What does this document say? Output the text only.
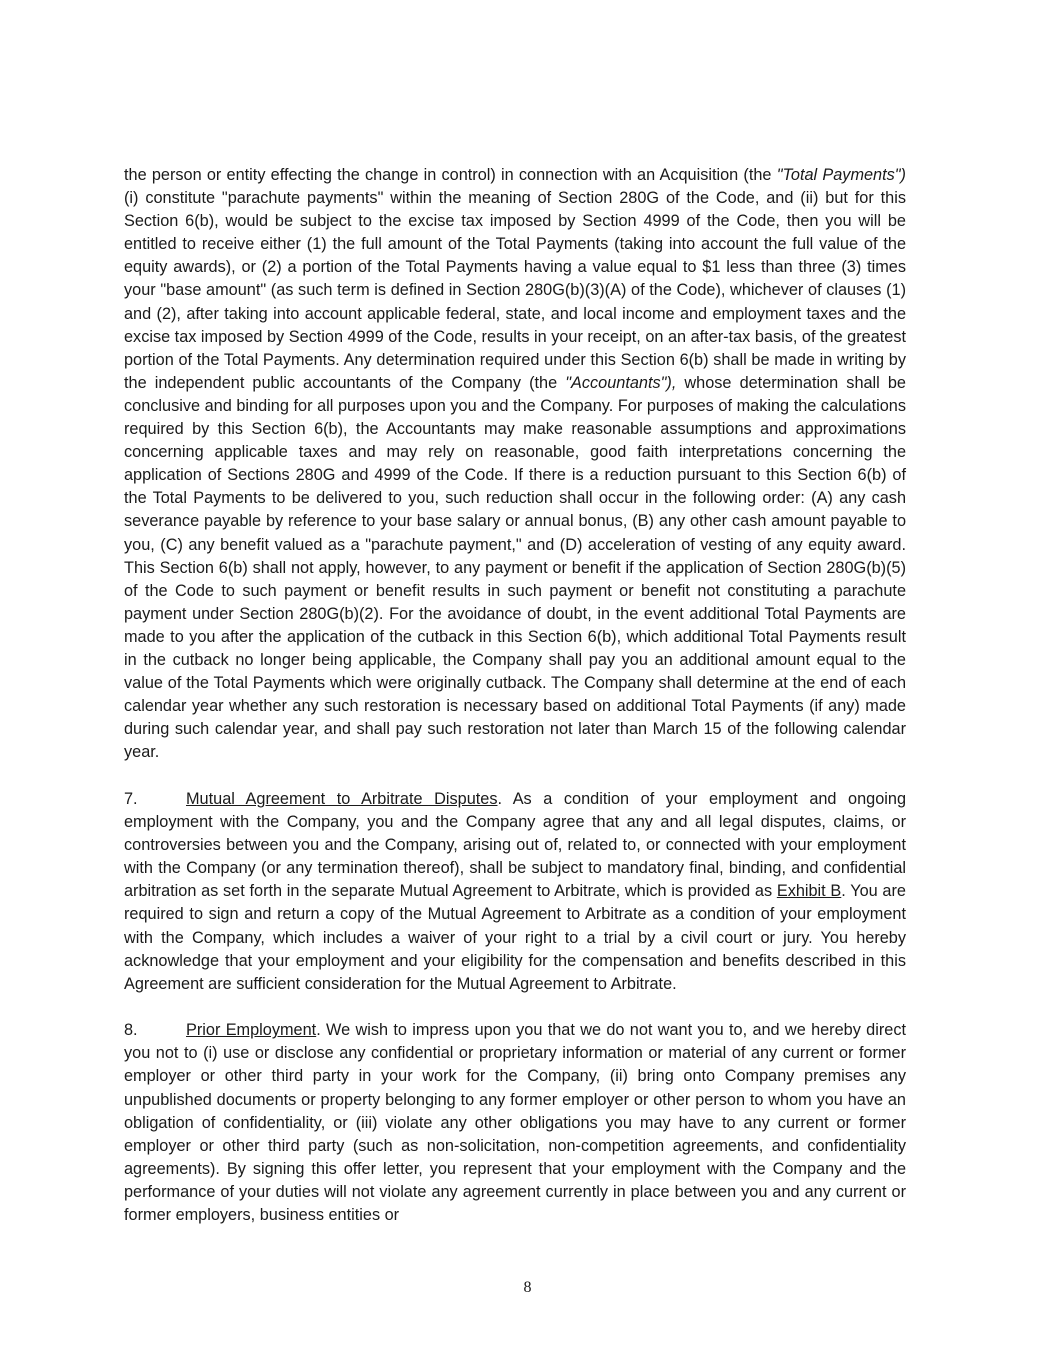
the person or entity effecting the change in control) in connection with an Acquisition (the "Total Payments") (i) constitute "parachute payments" within the meaning of Section 280G of the Code, and (ii) but for this Section 6(b), would be subject to the excise tax imposed by Section 4999 of the Code, then you will be entitled to receive either (1) the full amount of the Total Payments (taking into account the full value of the equity awards), or (2) a portion of the Total Payments having a value equal to $1 less than three (3) times your "base amount" (as such term is defined in Section 280G(b)(3)(A) of the Code), whichever of clauses (1) and (2), after taking into account applicable federal, state, and local income and employment taxes and the excise tax imposed by Section 4999 of the Code, results in your receipt, on an after-tax basis, of the greatest portion of the Total Payments. Any determination required under this Section 6(b) shall be made in writing by the independent public accountants of the Company (the "Accountants"), whose determination shall be conclusive and binding for all purposes upon you and the Company. For purposes of making the calculations required by this Section 6(b), the Accountants may make reasonable assumptions and approximations concerning applicable taxes and may rely on reasonable, good faith interpretations concerning the application of Sections 280G and 4999 of the Code. If there is a reduction pursuant to this Section 6(b) of the Total Payments to be delivered to you, such reduction shall occur in the following order: (A) any cash severance payable by reference to your base salary or annual bonus, (B) any other cash amount payable to you, (C) any benefit valued as a "parachute payment," and (D) acceleration of vesting of any equity award. This Section 6(b) shall not apply, however, to any payment or benefit if the application of Section 280G(b)(5) of the Code to such payment or benefit results in such payment or benefit not constituting a parachute payment under Section 280G(b)(2). For the avoidance of doubt, in the event additional Total Payments are made to you after the application of the cutback in this Section 6(b), which additional Total Payments result in the cutback no longer being applicable, the Company shall pay you an additional amount equal to the value of the Total Payments which were originally cutback. The Company shall determine at the end of each calendar year whether any such restoration is necessary based on additional Total Payments (if any) made during such calendar year, and shall pay such restoration not later than March 15 of the following calendar year.

7.	Mutual Agreement to Arbitrate Disputes. As a condition of your employment and ongoing employment with the Company, you and the Company agree that any and all legal disputes, claims, or controversies between you and the Company, arising out of, related to, or connected with your employment with the Company (or any termination thereof), shall be subject to mandatory final, binding, and confidential arbitration as set forth in the separate Mutual Agreement to Arbitrate, which is provided as Exhibit B. You are required to sign and return a copy of the Mutual Agreement to Arbitrate as a condition of your employment with the Company, which includes a waiver of your right to a trial by a civil court or jury. You hereby acknowledge that your employment and your eligibility for the compensation and benefits described in this Agreement are sufficient consideration for the Mutual Agreement to Arbitrate.

8.	Prior Employment. We wish to impress upon you that we do not want you to, and we hereby direct you not to (i) use or disclose any confidential or proprietary information or material of any current or former employer or other third party in your work for the Company, (ii) bring onto Company premises any unpublished documents or property belonging to any former employer or other person to whom you have an obligation of confidentiality, or (iii) violate any other obligations you may have to any current or former employer or other third party (such as non-solicitation, non-competition agreements, and confidentiality agreements). By signing this offer letter, you represent that your employment with the Company and the performance of your duties will not violate any agreement currently in place between you and any current or former employers, business entities or

8
